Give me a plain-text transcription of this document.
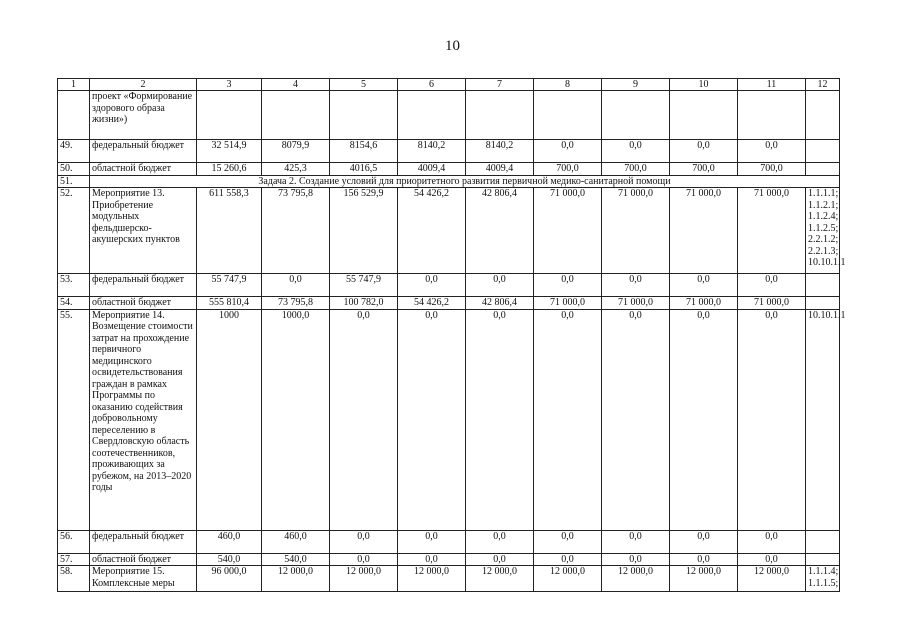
10
1	2	3	4	5	6	7	8	9	10	11	12
	проект «Формирование здорового образа жизни»)										
49.	федеральный бюджет	32 514,9	8079,9	8154,6	8140,2	8140,2	0,0	0,0	0,0	0,0	
50.	областной бюджет	15 260,6	425,3	4016,5	4009,4	4009,4	700,0	700,0	700,0	700,0	
51.	Задача 2. Создание условий для приоритетного развития первичной медико-санитарной помощи										
52.	Мероприятие 13. Приобретение модульных фельдшерско-акушерских пунктов	611 558,3	73 795,8	156 529,9	54 426,2	42 806,4	71 000,0	71 000,0	71 000,0	71 000,0	1.1.1.1; 1.1.2.1; 1.1.2.4; 1.1.2.5; 2.2.1.2; 2.2.1.3; 10.10.1.1
53.	федеральный бюджет	55 747,9	0,0	55 747,9	0,0	0,0	0,0	0,0	0,0	0,0	
54.	областной бюджет	555 810,4	73 795,8	100 782,0	54 426,2	42 806,4	71 000,0	71 000,0	71 000,0	71 000,0	
55.	Мероприятие 14. Возмещение стоимости затрат на прохождение первичного медицинского освидетельствования граждан в рамках Программы по оказанию содействия добровольному переселению в Свердловскую область соотечественников, проживающих за рубежом, на 2013–2020 годы	1000	1000,0	0,0	0,0	0,0	0,0	0,0	0,0	0,0	10.10.1.1
56.	федеральный бюджет	460,0	460,0	0,0	0,0	0,0	0,0	0,0	0,0	0,0	
57.	областной бюджет	540,0	540,0	0,0	0,0	0,0	0,0	0,0	0,0	0,0	
58.	Мероприятие 15. Комплексные меры	96 000,0	12 000,0	12 000,0	12 000,0	12 000,0	12 000,0	12 000,0	12 000,0	12 000,0	1.1.1.4; 1.1.1.5;
